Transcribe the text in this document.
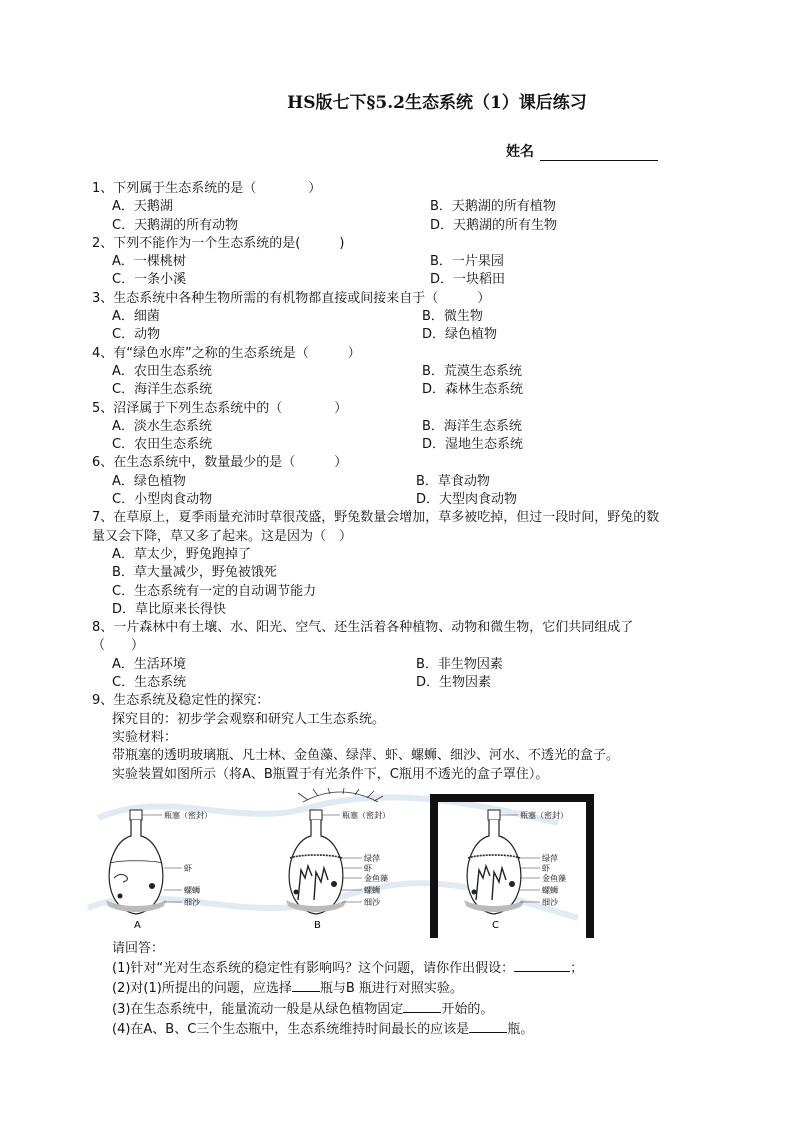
HS版七下§5.2生态系统（1）课后练习
姓名
1、下列属于生态系统的是（　　　　）
A．天鹅湖	B．天鹅湖的所有植物
C．天鹅湖的所有动物	D．天鹅湖的所有生物
2、下列不能作为一个生态系统的是(　　　)
A．一棵桃树	B．一片果园
C．一条小溪	D．一块稻田
3、生态系统中各种生物所需的有机物都直接或间接来自于（　　　）
A．细菌	B．微生物
C．动物	D．绿色植物
4、有“绿色水库”之称的生态系统是（　　　）
A．农田生态系统	B．荒漠生态系统
C．海洋生态系统	D．森林生态系统
5、沼泽属于下列生态系统中的（　　　　）
A．淡水生态系统	B．海洋生态系统
C．农田生态系统	D．湿地生态系统
6、在生态系统中，数量最少的是（　　　）
A．绿色植物	B．草食动物
C．小型肉食动物	D．大型肉食动物
7、在草原上，夏季雨量充沛时草很茂盛，野兔数量会增加，草多被吃掉，但过一段时间，野兔的数
量又会下降，草又多了起来。这是因为（　）
A．草太少，野兔跑掉了
B．草大量减少，野兔被饿死
C．生态系统有一定的自动调节能力
D．草比原来长得快
8、一片森林中有土壤、水、阳光、空气、还生活着各种植物、动物和微生物，它们共同组成了
（　　）
A．生活环境	B．非生物因素
C．生态系统	D．生物因素
9、生态系统及稳定性的探究：
探究目的：初步学会观察和研究人工生态系统。
实验材料：
带瓶塞的透明玻璃瓶、凡士林、金鱼藻、绿萍、虾、螺蛳、细沙、河水、不透光的盒子。
实验装置如图所示（将A、B瓶置于有光条件下，C瓶用不透光的盒子罩住）。
瓶塞（密封）
虾
螺蛳
细沙
瓶塞（密封）
绿萍
虾
金鱼藻
螺蛳
细沙
瓶塞（密封）
绿萍
虾
金鱼藻
螺蛳
细沙
A	B	C
请回答：
(1)针对“光对生态系统的稳定性有影响吗？这个问题，请你作出假设：	；
(2)对(1)所提出的问题，应选择 瓶与B 瓶进行对照实验。
(3)在生态系统中，能量流动一般是从绿色植物固定	开始的。
(4)在A、B、C三个生态瓶中，生态系统维持时间最长的应该是	瓶。
